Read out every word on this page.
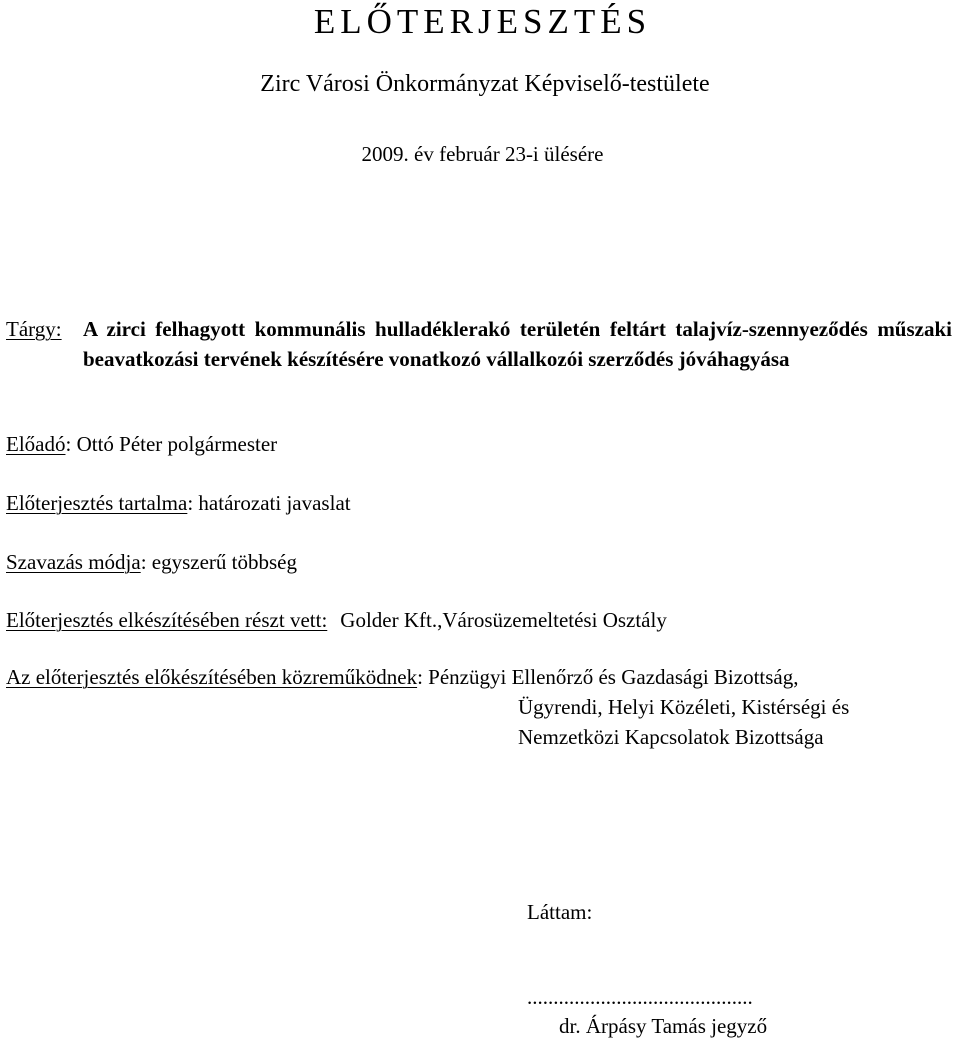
ELŐTERJESZTÉS
Zirc Városi Önkormányzat Képviselő-testülete
2009. év február 23-i ülésére
Tárgy:	A zirci felhagyott kommunális hulladéklerakó területén feltárt talajvíz-szennyeződés műszaki beavatkozási tervének készítésére vonatkozó vállalkozói szerződés jóváhagyása
Előadó: Ottó Péter polgármester
Előterjesztés tartalma: határozati javaslat
Szavazás módja: egyszerű többség
Előterjesztés elkészítésében részt vett: Golder Kft.,Városüzemeltetési Osztály
Az előterjesztés előkészítésében közreműködnek: Pénzügyi Ellenőrző és Gazdasági Bizottság,
Ügyrendi, Helyi Közéleti, Kistérségi és
Nemzetközi Kapcsolatok Bizottsága
Láttam:
...........................................
dr. Árpásy Tamás jegyző
